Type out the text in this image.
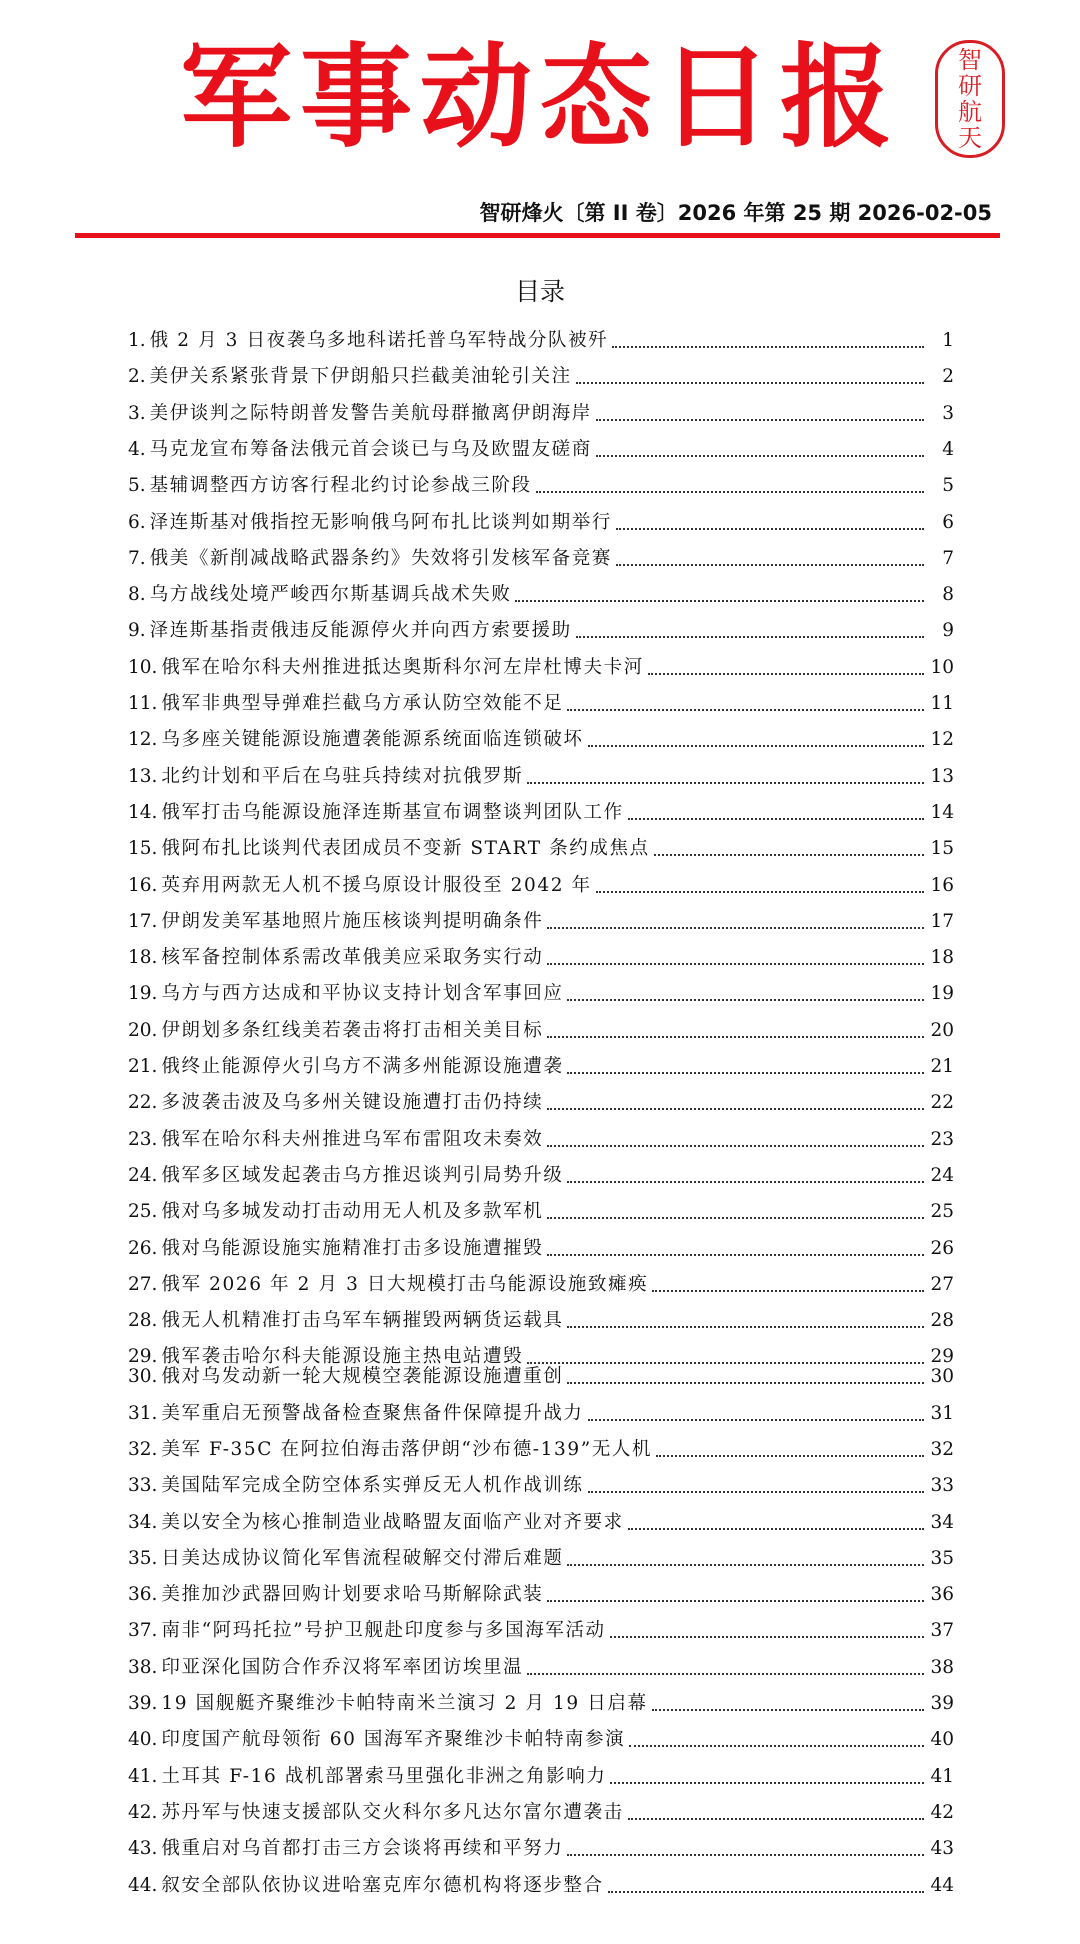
军事动态日报	智
研
航
天
智研烽火〔第 II 卷〕2026 年第 25 期 2026-02-05
目录
1. 俄 2 月 3 日夜袭乌多地科诺托普乌军特战分队被歼	1
2. 美伊关系紧张背景下伊朗船只拦截美油轮引关注	2
3. 美伊谈判之际特朗普发警告美航母群撤离伊朗海岸	3
4. 马克龙宣布筹备法俄元首会谈已与乌及欧盟友磋商	4
5. 基辅调整西方访客行程北约讨论参战三阶段	5
6. 泽连斯基对俄指控无影响俄乌阿布扎比谈判如期举行	6
7. 俄美《新削减战略武器条约》失效将引发核军备竞赛	7
8. 乌方战线处境严峻西尔斯基调兵战术失败	8
9. 泽连斯基指责俄违反能源停火并向西方索要援助	9
10. 俄军在哈尔科夫州推进抵达奥斯科尔河左岸杜博夫卡河	10
11. 俄军非典型导弹难拦截乌方承认防空效能不足	11
12. 乌多座关键能源设施遭袭能源系统面临连锁破坏	12
13. 北约计划和平后在乌驻兵持续对抗俄罗斯	13
14. 俄军打击乌能源设施泽连斯基宣布调整谈判团队工作	14
15. 俄阿布扎比谈判代表团成员不变新 START 条约成焦点	15
16. 英弃用两款无人机不援乌原设计服役至 2042 年	16
17. 伊朗发美军基地照片施压核谈判提明确条件	17
18. 核军备控制体系需改革俄美应采取务实行动	18
19. 乌方与西方达成和平协议支持计划含军事回应	19
20. 伊朗划多条红线美若袭击将打击相关美目标	20
21. 俄终止能源停火引乌方不满多州能源设施遭袭	21
22. 多波袭击波及乌多州关键设施遭打击仍持续	22
23. 俄军在哈尔科夫州推进乌军布雷阻攻未奏效	23
24. 俄军多区域发起袭击乌方推迟谈判引局势升级	24
25. 俄对乌多城发动打击动用无人机及多款军机	25
26. 俄对乌能源设施实施精准打击多设施遭摧毁	26
27. 俄军 2026 年 2 月 3 日大规模打击乌能源设施致瘫痪	27
28. 俄无人机精准打击乌军车辆摧毁两辆货运载具	28
29. 俄军袭击哈尔科夫能源设施主热电站遭毁	29
30. 俄对乌发动新一轮大规模空袭能源设施遭重创	30
31. 美军重启无预警战备检查聚焦备件保障提升战力	31
32. 美军 F-35C 在阿拉伯海击落伊朗“沙布德-139”无人机	32
33. 美国陆军完成全防空体系实弹反无人机作战训练	33
34. 美以安全为核心推制造业战略盟友面临产业对齐要求	34
35. 日美达成协议简化军售流程破解交付滞后难题	35
36. 美推加沙武器回购计划要求哈马斯解除武装	36
37. 南非“阿玛托拉”号护卫舰赴印度参与多国海军活动	37
38. 印亚深化国防合作乔汉将军率团访埃里温	38
39. 19 国舰艇齐聚维沙卡帕特南米兰演习 2 月 19 日启幕	39
40. 印度国产航母领衔 60 国海军齐聚维沙卡帕特南参演	40
41. 土耳其 F-16 战机部署索马里强化非洲之角影响力	41
42. 苏丹军与快速支援部队交火科尔多凡达尔富尔遭袭击	42
43. 俄重启对乌首都打击三方会谈将再续和平努力	43
44. 叙安全部队依协议进哈塞克库尔德机构将逐步整合	44
